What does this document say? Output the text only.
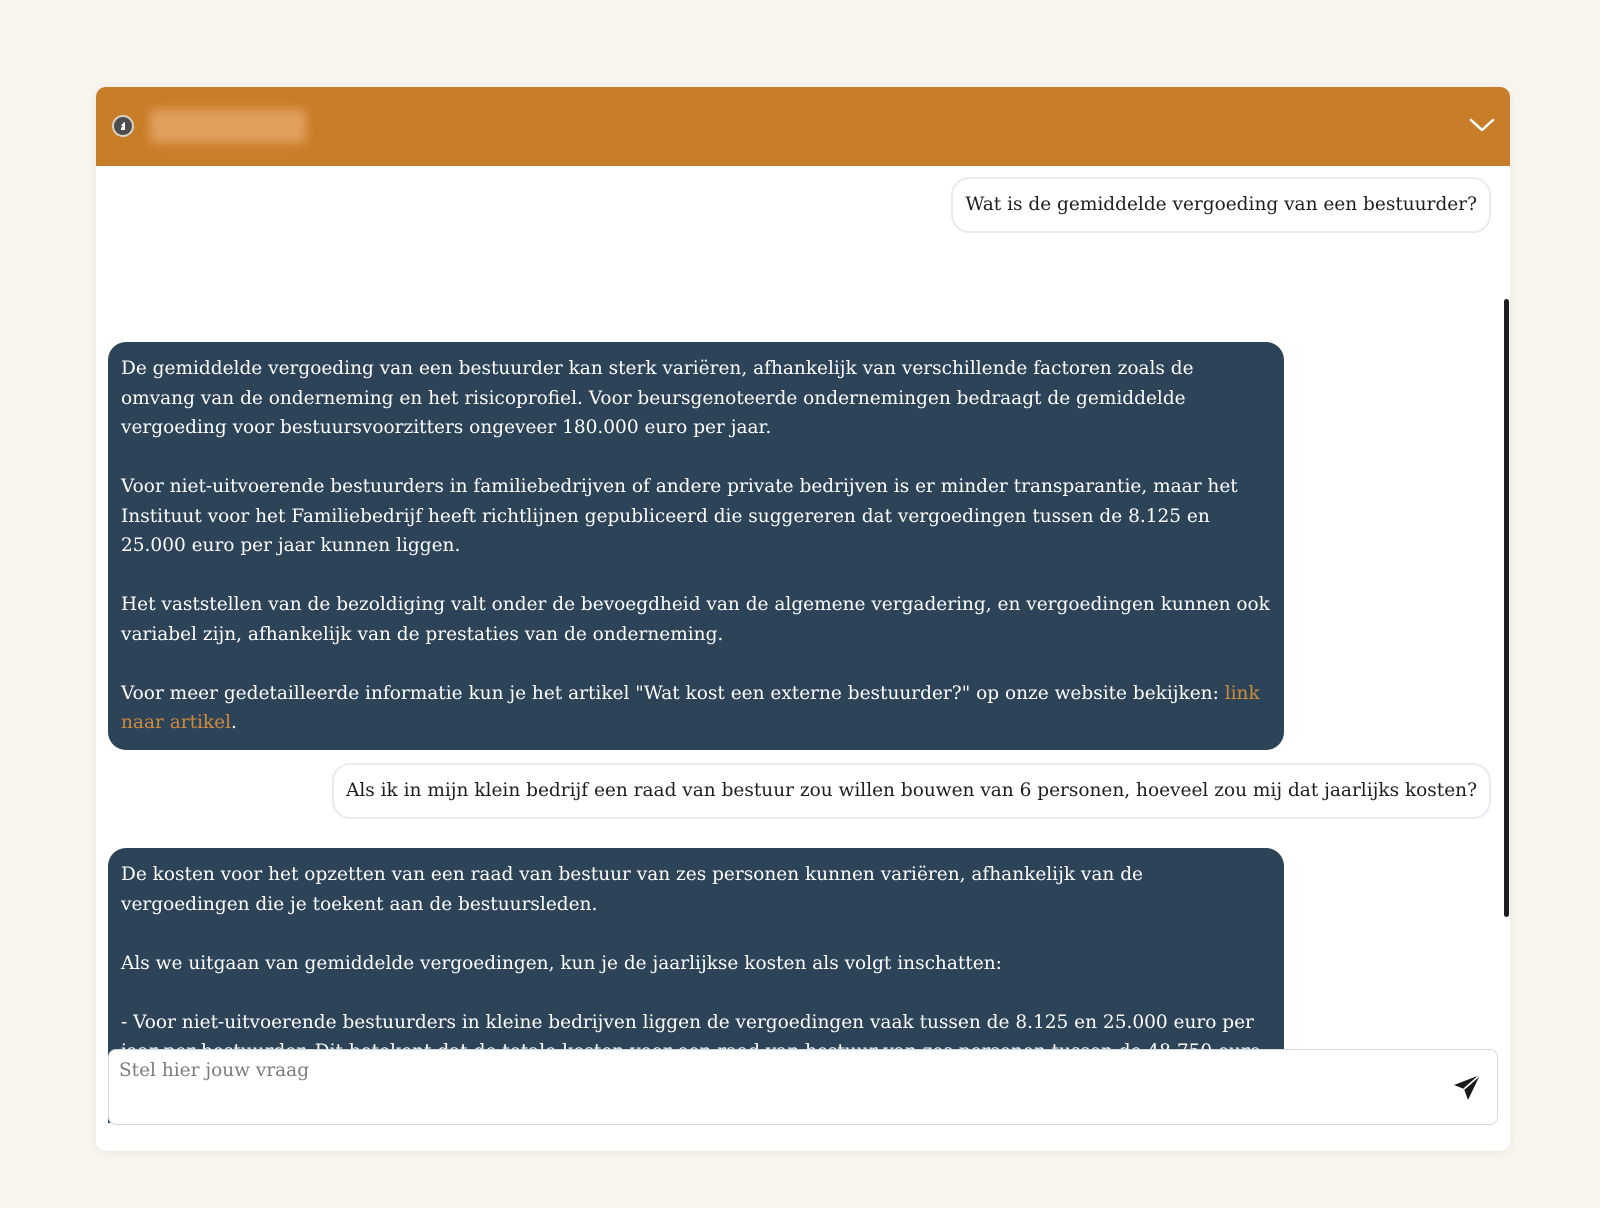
Wat is de gemiddelde vergoeding van een bestuurder?

De gemiddelde vergoeding van een bestuurder kan sterk variëren, afhankelijk van verschillende factoren zoals de omvang van de onderneming en het risicoprofiel. Voor beursgenoteerde ondernemingen bedraagt de gemiddelde vergoeding voor bestuursvoorzitters ongeveer 180.000 euro per jaar.

Voor niet-uitvoerende bestuurders in familiebedrijven of andere private bedrijven is er minder transparantie, maar het Instituut voor het Familiebedrijf heeft richtlijnen gepubliceerd die suggereren dat vergoedingen tussen de 8.125 en 25.000 euro per jaar kunnen liggen.

Het vaststellen van de bezoldiging valt onder de bevoegdheid van de algemene vergadering, en vergoedingen kunnen ook variabel zijn, afhankelijk van de prestaties van de onderneming.

Voor meer gedetailleerde informatie kun je het artikel "Wat kost een externe bestuurder?" op onze website bekijken: link naar artikel.

Als ik in mijn klein bedrijf een raad van bestuur zou willen bouwen van 6 personen, hoeveel zou mij dat jaarlijks kosten?

De kosten voor het opzetten van een raad van bestuur van zes personen kunnen variëren, afhankelijk van de vergoedingen die je toekent aan de bestuursleden.

Als we uitgaan van gemiddelde vergoedingen, kun je de jaarlijkse kosten als volgt inschatten:

- Voor niet-uitvoerende bestuurders in kleine bedrijven liggen de vergoedingen vaak tussen de 8.125 en 25.000 euro per

Stel hier jouw vraag
